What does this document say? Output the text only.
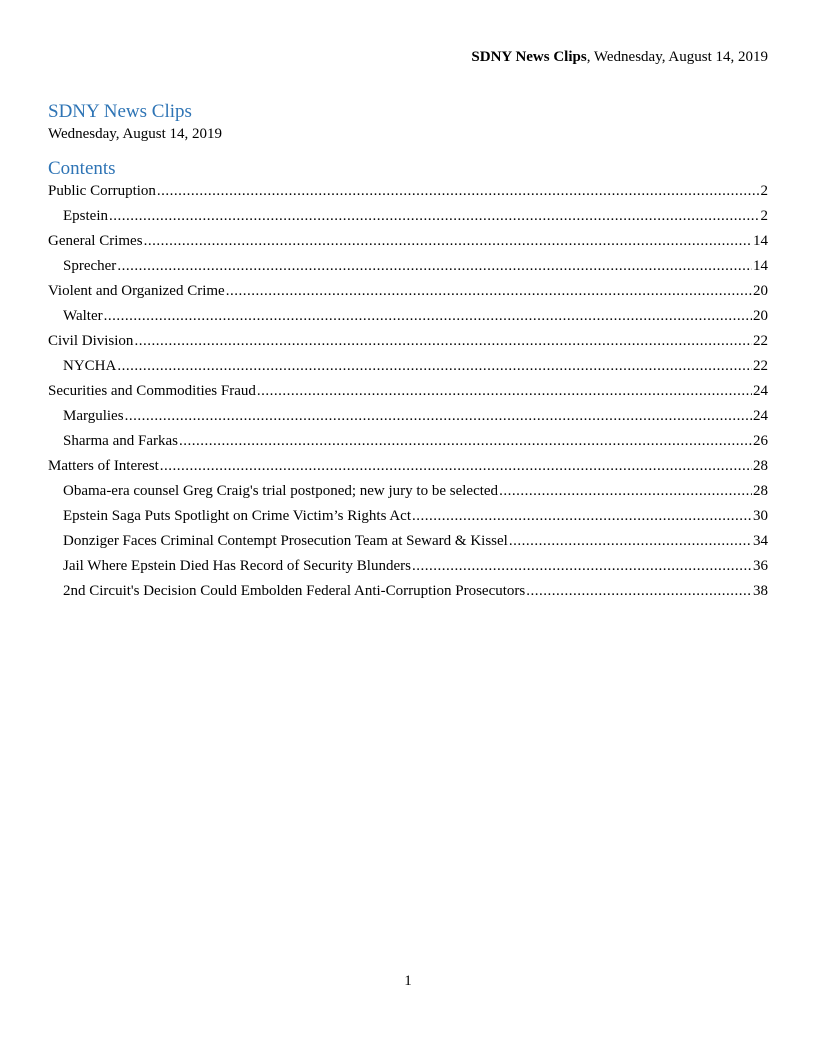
SDNY News Clips, Wednesday, August 14, 2019
SDNY News Clips
Wednesday, August 14, 2019
Contents
Public Corruption .....	2
Epstein .....	2
General Crimes .....	14
Sprecher .....	14
Violent and Organized Crime .....	20
Walter .....	20
Civil Division .....	22
NYCHA .....	22
Securities and Commodities Fraud .....	24
Margulies .....	24
Sharma and Farkas .....	26
Matters of Interest .....	28
Obama-era counsel Greg Craig's trial postponed; new jury to be selected .....	28
Epstein Saga Puts Spotlight on Crime Victim’s Rights Act .....	30
Donziger Faces Criminal Contempt Prosecution Team at Seward & Kissel .....	34
Jail Where Epstein Died Has Record of Security Blunders .....	36
2nd Circuit's Decision Could Embolden Federal Anti-Corruption Prosecutors .....	38
1
